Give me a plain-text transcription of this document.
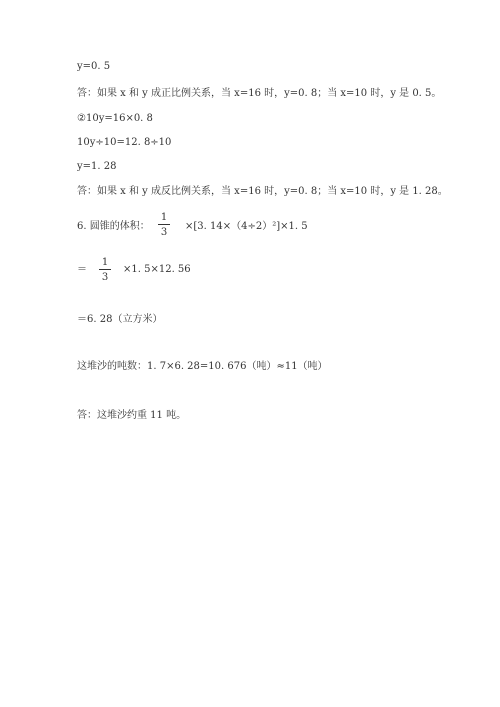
y=0. 5
答：如果 x 和 y 成正比例关系，当 x=16 时，y=0. 8；当 x=10 时，y 是 0. 5。
②10y=16×0. 8
10y÷10=12. 8÷10
y=1. 28
答：如果 x 和 y 成反比例关系，当 x=16 时，y=0. 8；当 x=10 时，y 是 1. 28。
6. 圆锥的体积：
1
3
×[3. 14×（4÷2）²]×1. 5
＝
1
3
×1. 5×12. 56
＝6. 28（立方米）
这堆沙的吨数：1. 7×6. 28=10. 676（吨）≈11（吨）
答：这堆沙约重 11 吨。
